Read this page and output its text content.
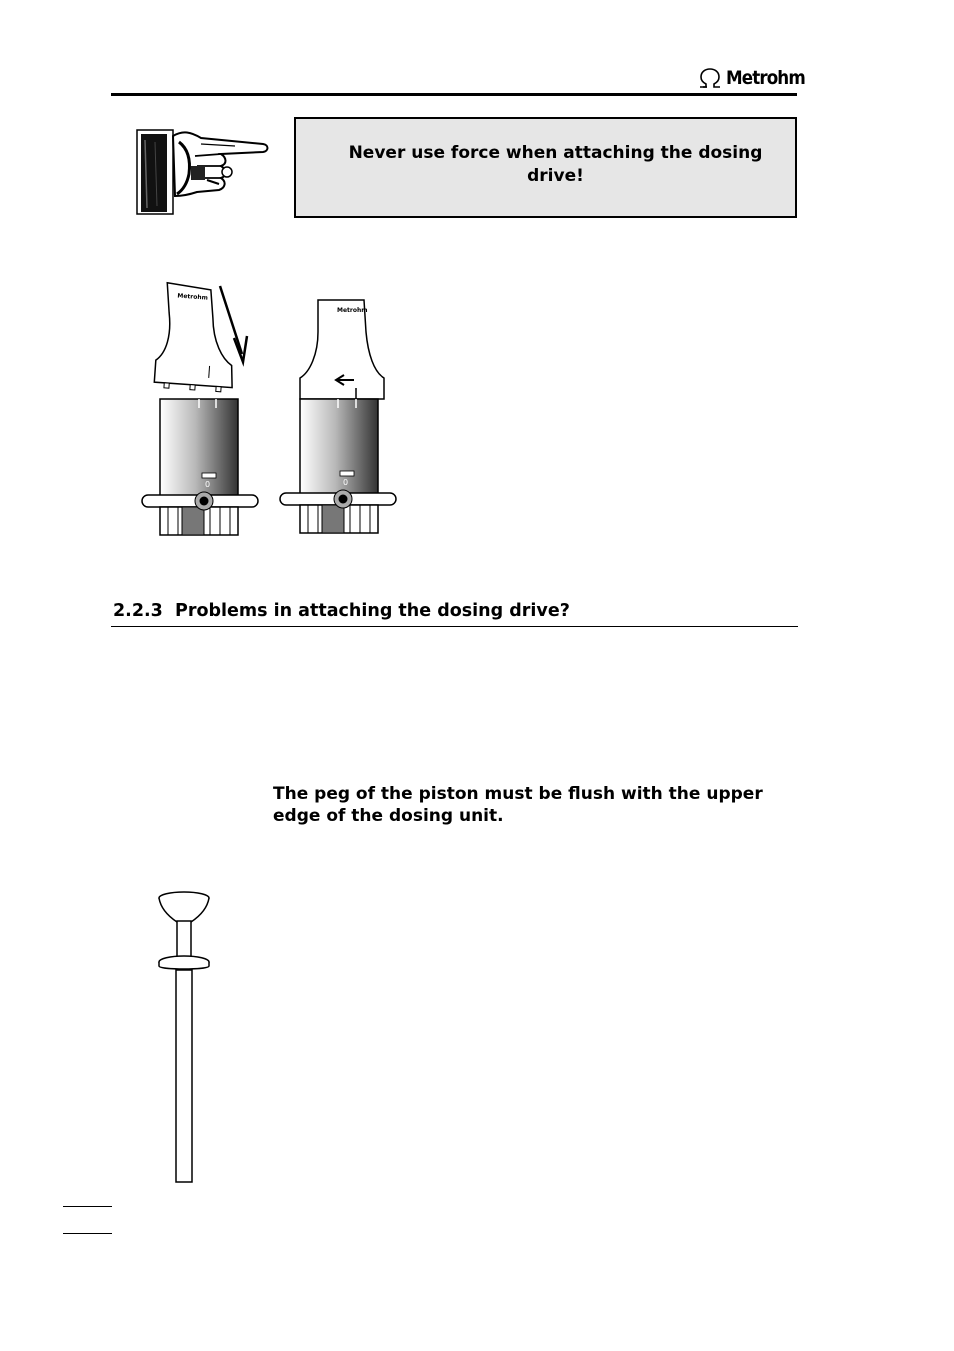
Metrohm
Never use force when attaching the dosing drive!
Metrohm
0
Metrohm
0
2.2.3  Problems in attaching the dosing drive?
The peg of the piston must be flush with the upper edge of the dosing unit.
